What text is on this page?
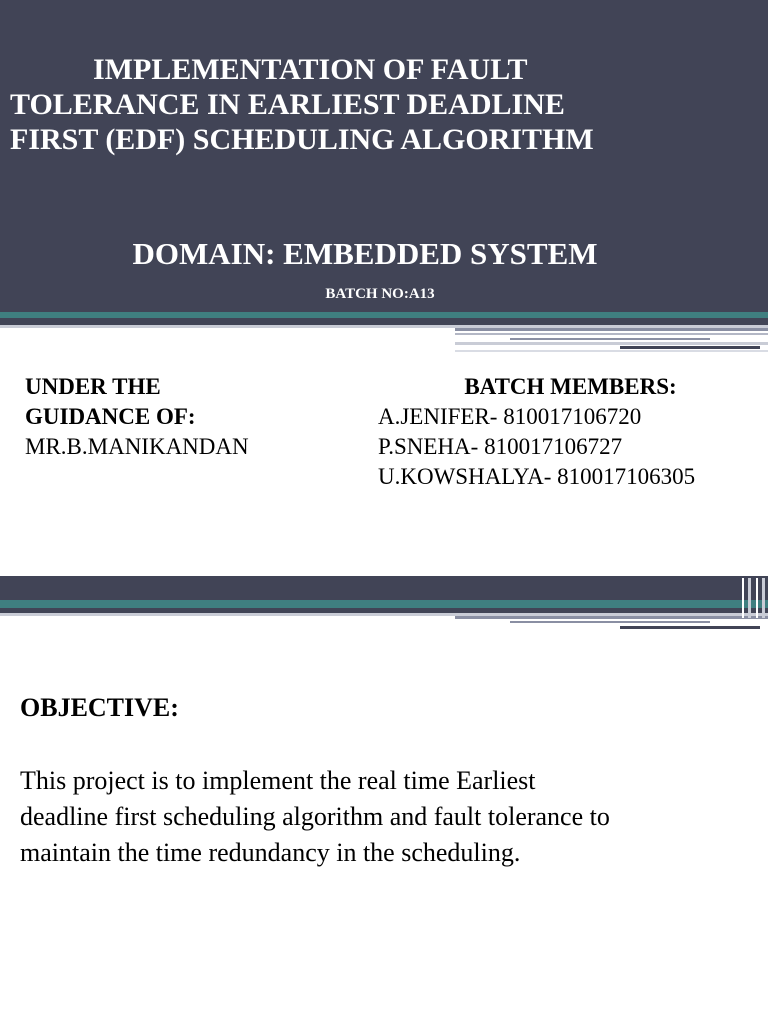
IMPLEMENTATION OF FAULT
TOLERANCE IN EARLIEST DEADLINE
FIRST (EDF) SCHEDULING ALGORITHM
DOMAIN: EMBEDDED SYSTEM
BATCH NO:A13
UNDER THE
GUIDANCE OF:
MR.B.MANIKANDAN
BATCH MEMBERS:
A.JENIFER- 810017106720
P.SNEHA- 810017106727
U.KOWSHALYA- 810017106305
OBJECTIVE:
This project is to implement the real time Earliest deadline first scheduling algorithm and fault tolerance to maintain the time redundancy in the scheduling.
